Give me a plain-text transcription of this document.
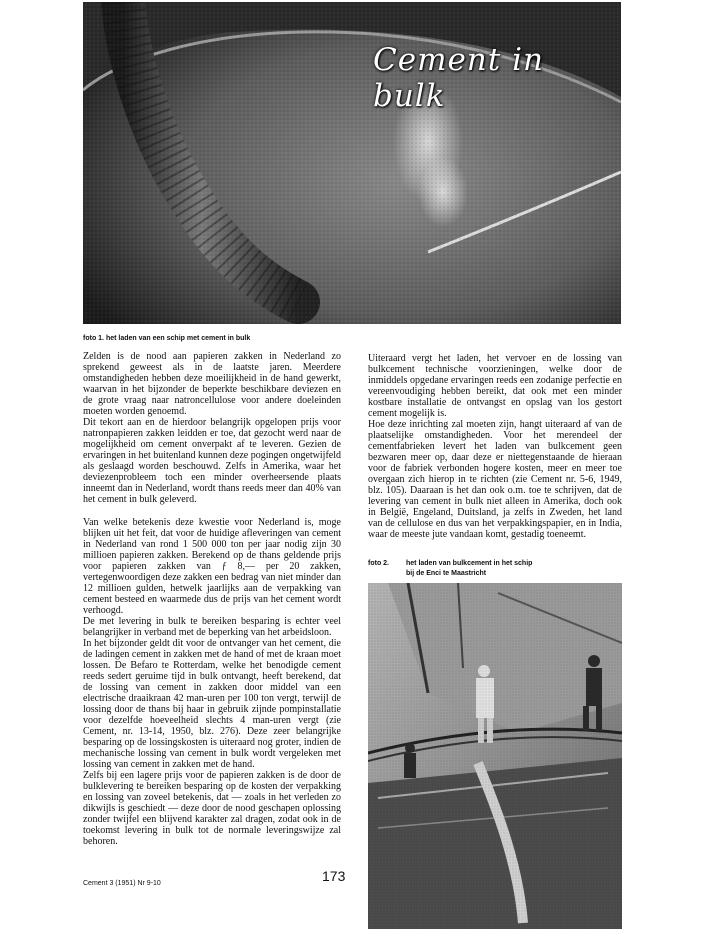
Cement in bulk
foto 1. het laden van een schip met cement in bulk

Zelden is de nood aan papieren zakken in Nederland zo sprekend geweest als in de laatste jaren. Meerdere omstandigheden hebben deze moeilijkheid in de hand gewerkt, waarvan in het bijzonder de beperkte beschikbare deviezen en de grote vraag naar natroncellulose voor andere doeleinden moeten worden genoemd.

Dit tekort aan en de hierdoor belangrijk opgelopen prijs voor natronpapieren zakken leidden er toe, dat gezocht werd naar de mogelijkheid om cement onverpakt af te leveren. Gezien de ervaringen in het buitenland kunnen deze pogingen ongetwijfeld als geslaagd worden beschouwd. Zelfs in Amerika, waar het deviezenprobleem toch een minder overheersende plaats inneemt dan in Nederland, wordt thans reeds meer dan 40% van het cement in bulk geleverd.

Van welke betekenis deze kwestie voor Nederland is, moge blijken uit het feit, dat voor de huidige afleveringen van cement in Nederland van rond 1 500 000 ton per jaar nodig zijn 30 millioen papieren zakken. Berekend op de thans geldende prijs voor papieren zakken van ƒ 8,— per 20 zakken, vertegenwoordigen deze zakken een bedrag van niet minder dan 12 millioen gulden, hetwelk jaarlijks aan de verpakking van cement besteed en waarmede dus de prijs van het cement wordt verhoogd.

De met levering in bulk te bereiken besparing is echter veel belangrijker in verband met de beperking van het arbeidsloon.

In het bijzonder geldt dit voor de ontvanger van het cement, die de ladingen cement in zakken met de hand of met de kraan moet lossen. De Befaro te Rotterdam, welke het benodigde cement reeds sedert geruime tijd in bulk ontvangt, heeft berekend, dat de lossing van cement in zakken door middel van een electrische draaikraan 42 man-uren per 100 ton vergt, terwijl de lossing door de thans bij haar in gebruik zijnde pompinstallatie voor dezelfde hoeveelheid slechts 4 man-uren vergt (zie Cement, nr. 13-14, 1950, blz. 276). Deze zeer belangrijke besparing op de lossingskosten is uiteraard nog groter, indien de mechanische lossing van cement in bulk wordt vergeleken met lossing van cement in zakken met de hand.

Zelfs bij een lagere prijs voor de papieren zakken is de door de bulklevering te bereiken besparing op de kosten der verpakking en lossing van zoveel betekenis, dat — zoals in het verleden zo dikwijls is geschiedt — deze door de nood geschapen oplossing zonder twijfel een blijvend karakter zal dragen, zodat ook in de toekomst levering in bulk tot de normale leveringswijze zal behoren.

Uiteraard vergt het laden, het vervoer en de lossing van bulkcement technische voorzieningen, welke door de inmiddels opgedane ervaringen reeds een zodanige perfectie en vereenvoudiging hebben bereikt, dat ook met een minder kostbare installatie de ontvangst en opslag van los gestort cement mogelijk is.

Hoe deze inrichting zal moeten zijn, hangt uiteraard af van de plaatselijke omstandigheden. Voor het merendeel der cementfabrieken levert het laden van bulkcement geen bezwaren meer op, daar deze er niettegenstaande de hieraan voor de fabriek verbonden hogere kosten, meer en meer toe overgaan zich hierop in te richten (zie Cement nr. 5-6, 1949, blz. 105). Daaraan is het dan ook o.m. toe te schrijven, dat de levering van cement in bulk niet alleen in Amerika, doch ook in België, Engeland, Duitsland, ja zelfs in Zweden, het land van de cellulose en dus van het verpakkingspapier, en in India, waar de meeste jute vandaan komt, gestadig toeneemt.

foto 2. het laden van bulkcement in het schip
bij de Enci te Maastricht
Cement 3 (1951) Nr 9-10	173
